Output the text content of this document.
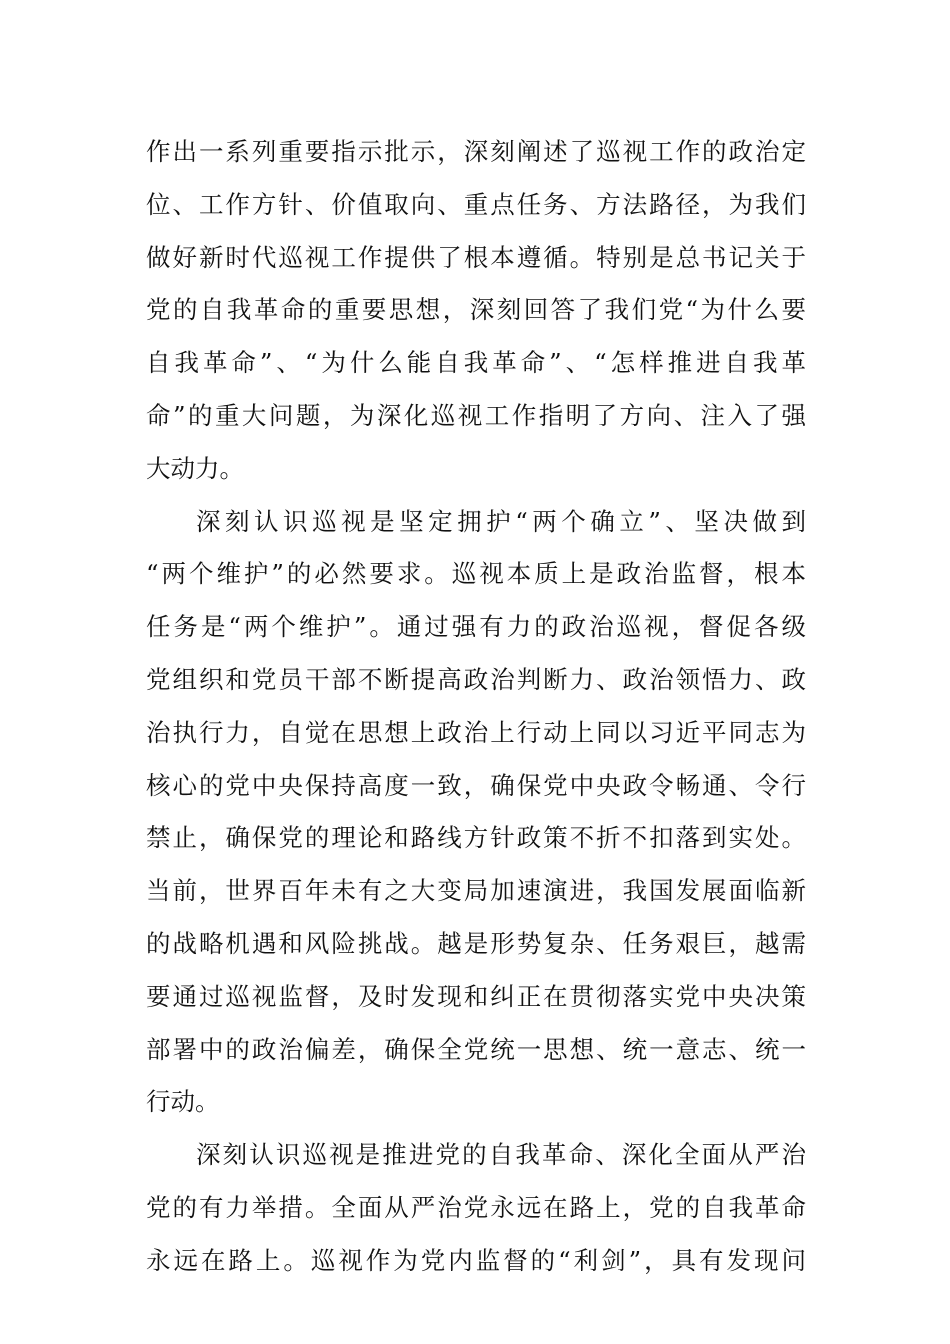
作出一系列重要指示批示，深刻阐述了巡视工作的政治定
位、工作方针、价值取向、重点任务、方法路径，为我们
做好新时代巡视工作提供了根本遵循。特别是总书记关于
党的自我革命的重要思想，深刻回答了我们党“为什么要
自我革命”、“为什么能自我革命”、“怎样推进自我革
命”的重大问题，为深化巡视工作指明了方向、注入了强
大动力。
深刻认识巡视是坚定拥护“两个确立”、坚决做到
“两个维护”的必然要求。巡视本质上是政治监督，根本
任务是“两个维护”。通过强有力的政治巡视，督促各级
党组织和党员干部不断提高政治判断力、政治领悟力、政
治执行力，自觉在思想上政治上行动上同以习近平同志为
核心的党中央保持高度一致，确保党中央政令畅通、令行
禁止，确保党的理论和路线方针政策不折不扣落到实处。
当前，世界百年未有之大变局加速演进，我国发展面临新
的战略机遇和风险挑战。越是形势复杂、任务艰巨，越需
要通过巡视监督，及时发现和纠正在贯彻落实党中央决策
部署中的政治偏差，确保全党统一思想、统一意志、统一
行动。
深刻认识巡视是推进党的自我革命、深化全面从严治
党的有力举措。全面从严治党永远在路上，党的自我革命
永远在路上。巡视作为党内监督的“利剑”，具有发现问
